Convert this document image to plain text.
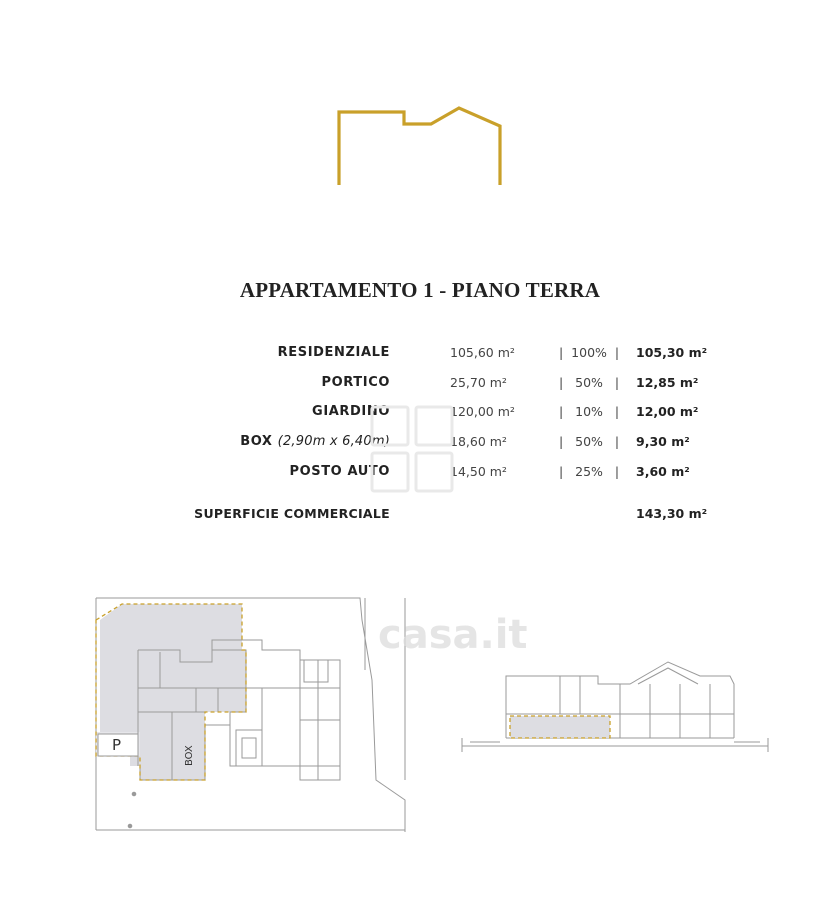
APPARTAMENTO 1 - PIANO TERRA
RESIDENZIALE	105,60 m²	|  100%  | 105,30 m²
PORTICO	25,70 m²	|   50%   | 12,85 m²
GIARDINO	120,00 m²	|   10%   | 12,00 m²
BOX (2,90m x 6,40m)	18,60 m²	|   50%   | 9,30 m²
POSTO AUTO	14,50 m²	|   25%   | 3,60 m²
SUPERFICIE COMMERCIALE	143,30 m²
P
BOX
casa.it
